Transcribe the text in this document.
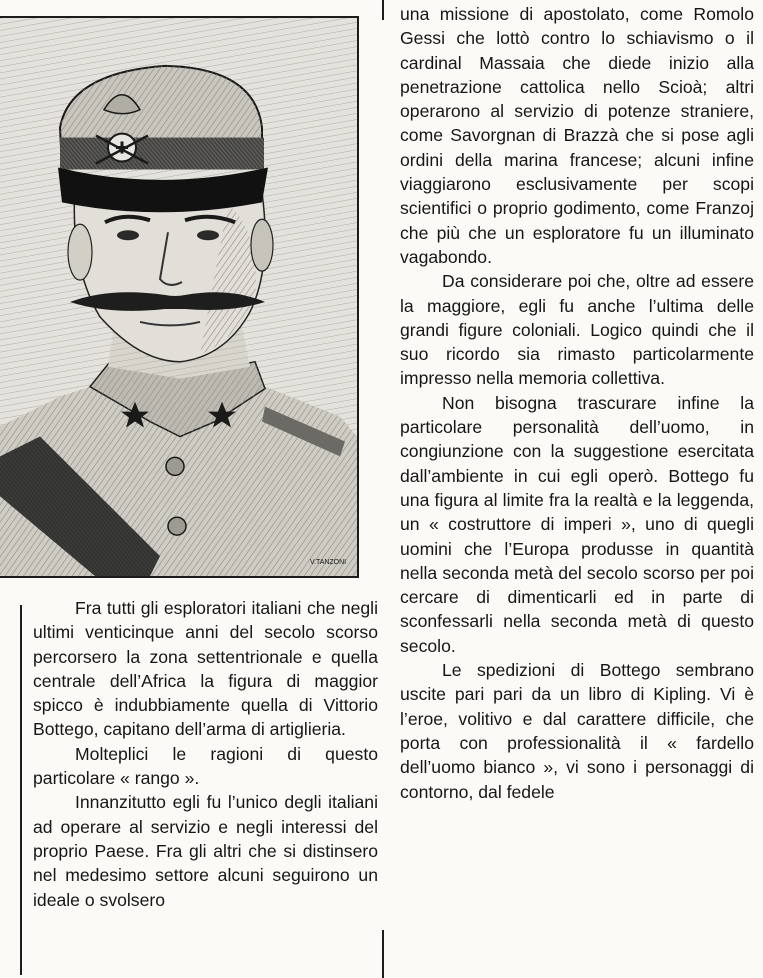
V.TANZONI

Fra tutti gli esploratori italiani che negli ultimi venticinque anni del secolo scorso percorsero la zona settentrionale e quella centrale dell’Africa la figura di maggior spicco è indubbiamente quella di Vittorio Bottego, capitano dell’arma di artiglieria.

Molteplici le ragioni di questo particolare « rango ».

Innanzitutto egli fu l’unico degli italiani ad operare al servizio e negli interessi del proprio Paese. Fra gli altri che si distinsero nel medesimo settore alcuni seguirono un ideale o svolsero

una missione di apostolato, come Romolo Gessi che lottò contro lo schiavismo o il cardinal Massaia che diede inizio alla penetrazione cattolica nello Scioà; altri operarono al servizio di potenze straniere, come Savorgnan di Brazzà che si pose agli ordini della marina francese; alcuni infine viaggiarono esclusivamente per scopi scientifici o proprio godimento, come Franzoj che più che un esploratore fu un illuminato vagabondo.

Da considerare poi che, oltre ad essere la maggiore, egli fu anche l’ultima delle grandi figure coloniali. Logico quindi che il suo ricordo sia rimasto particolarmente impresso nella memoria collettiva.

Non bisogna trascurare infine la particolare personalità dell’uomo, in congiunzione con la suggestione esercitata dall’ambiente in cui egli operò. Bottego fu una figura al limite fra la realtà e la leggenda, un « costruttore di imperi », uno di quegli uomini che l’Europa produsse in quantità nella seconda metà del secolo scorso per poi cercare di dimenticarli ed in parte di sconfessarli nella seconda metà di questo secolo.

Le spedizioni di Bottego sembrano uscite pari pari da un libro di Kipling. Vi è l’eroe, volitivo e dal carattere difficile, che porta con professionalità il « fardello dell’uomo bianco », vi sono i personaggi di contorno, dal fedele
